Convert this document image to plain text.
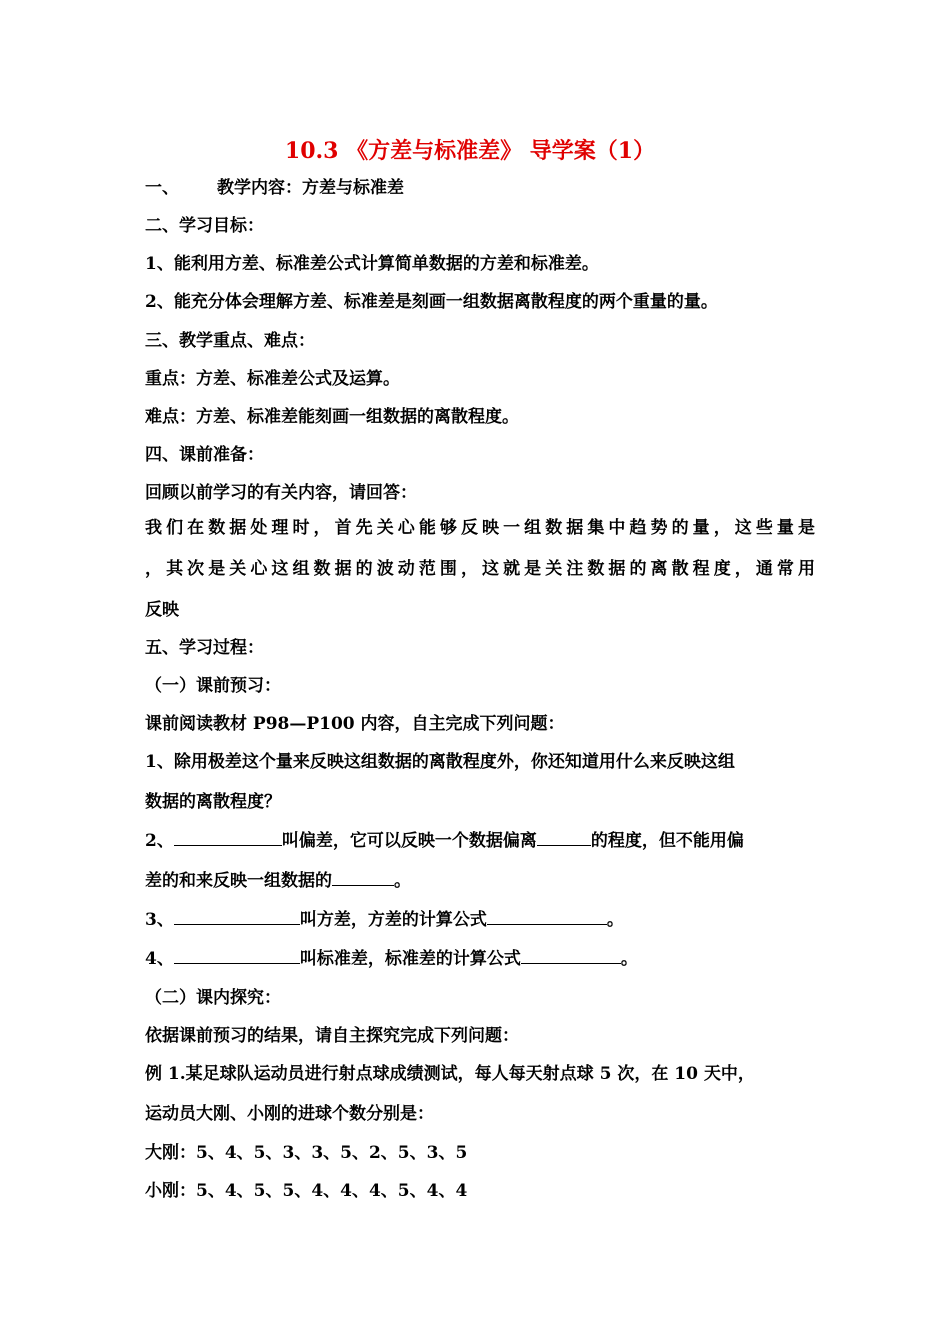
10.3 《方差与标准差》 导学案（1）
一、 教学内容：方差与标准差
二、学习目标：
1、能利用方差、标准差公式计算简单数据的方差和标准差。
2、能充分体会理解方差、标准差是刻画一组数据离散程度的两个重量的量。
三、教学重点、难点：
重点：方差、标准差公式及运算。
难点：方差、标准差能刻画一组数据的离散程度。
四、课前准备：
回顾以前学习的有关内容，请回答：
我们在数据处理时，首先关心能够反映一组数据集中趋势的量，这些量是
，其次是关心这组数据的波动范围，这就是关注数据的离散程度，通常用
反映
五、学习过程：
（一）课前预习：
课前阅读教材 P98—P100 内容，自主完成下列问题：
1、除用极差这个量来反映这组数据的离散程度外，你还知道用什么来反映这组
数据的离散程度？
2、	叫偏差，它可以反映一个数据偏离	的程度，但不能用偏
差的和来反映一组数据的	。
3、	叫方差，方差的计算公式	。
4、	叫标准差，标准差的计算公式	。
（二）课内探究：
依据课前预习的结果，请自主探究完成下列问题：
例 1.某足球队运动员进行射点球成绩测试，每人每天射点球 5 次，在 10 天中，
运动员大刚、小刚的进球个数分别是：
大刚：5、4、5、3、3、5、2、5、3、5
小刚：5、4、5、5、4、4、4、5、4、4
